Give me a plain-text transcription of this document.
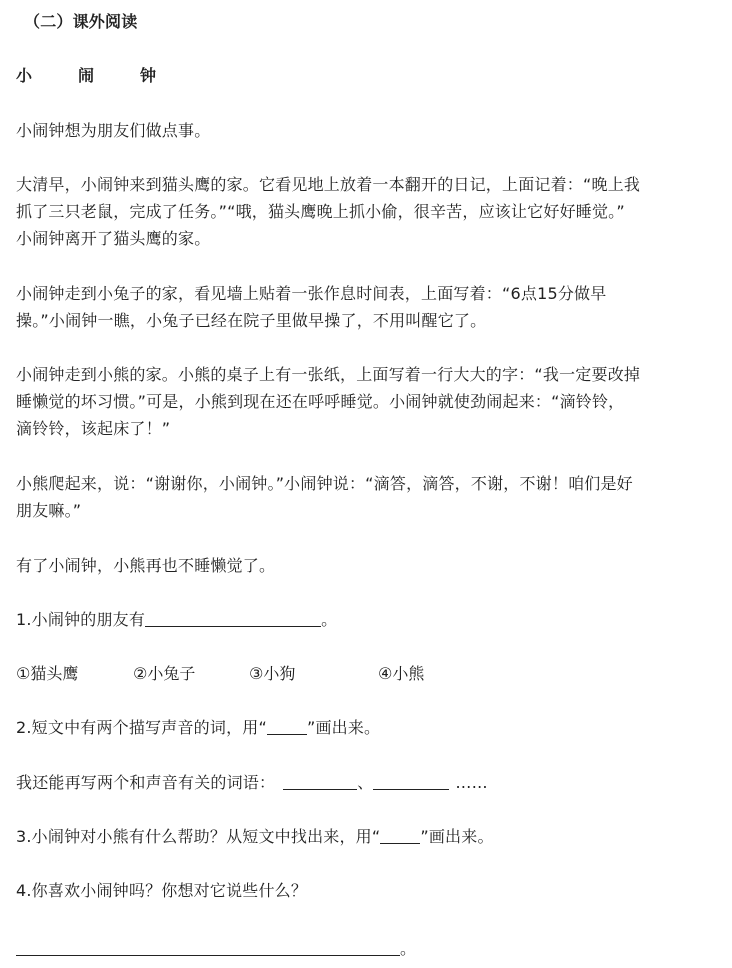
（二）课外阅读
小	闹	钟
小闹钟想为朋友们做点事。
大清早，小闹钟来到猫头鹰的家。它看见地上放着一本翻开的日记，上面记着：“晚上我
抓了三只老鼠，完成了任务。”“哦，猫头鹰晚上抓小偷，很辛苦，应该让它好好睡觉。”
小闹钟离开了猫头鹰的家。
小闹钟走到小兔子的家，看见墙上贴着一张作息时间表，上面写着：“6点15分做早
操。”小闹钟一瞧，小兔子已经在院子里做早操了，不用叫醒它了。
小闹钟走到小熊的家。小熊的桌子上有一张纸，上面写着一行大大的字：“我一定要改掉
睡懒觉的坏习惯。”可是，小熊到现在还在呼呼睡觉。小闹钟就使劲闹起来：“滴铃铃，
滴铃铃，该起床了！”
小熊爬起来，说：“谢谢你，小闹钟。”小闹钟说：“滴答，滴答，不谢，不谢！咱们是好
朋友嘛。”
有了小闹钟，小熊再也不睡懒觉了。
1.小闹钟的朋友有	。
①猫头鹰	②小兔子	③小狗	④小熊
2.短文中有两个描写声音的词，用“	”画出来。
我还能再写两个和声音有关的词语：	、	……
3.小闹钟对小熊有什么帮助？从短文中找出来，用“	”画出来。
4.你喜欢小闹钟吗？你想对它说些什么？
。
